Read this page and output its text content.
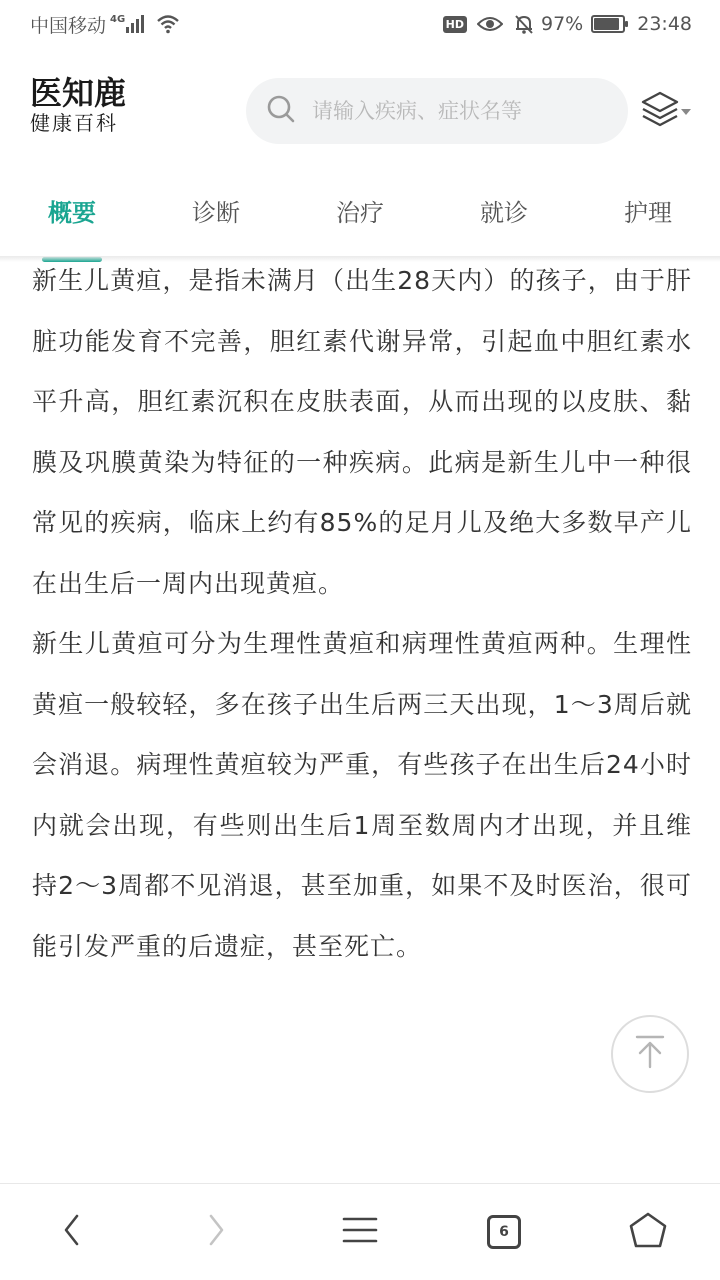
中国移动 4G	HD	97%	23:48
医知鹿
健康百科
请输入疾病、症状名等
概要	诊断	治疗	就诊	护理

新生儿黄疸，是指未满月（出生28天内）的孩子，由于肝脏功能发育不完善，胆红素代谢异常，引起血中胆红素水平升高，胆红素沉积在皮肤表面，从而出现的以皮肤、黏膜及巩膜黄染为特征的一种疾病。此病是新生儿中一种很常见的疾病，临床上约有85%的足月儿及绝大多数早产儿在出生后一周内出现黄疸。

新生儿黄疸可分为生理性黄疸和病理性黄疸两种。生理性黄疸一般较轻，多在孩子出生后两三天出现，1～3周后就会消退。病理性黄疸较为严重，有些孩子在出生后24小时内就会出现，有些则出生后1周至数周内才出现，并且维持2～3周都不见消退，甚至加重，如果不及时医治，很可能引发严重的后遗症，甚至死亡。

6
